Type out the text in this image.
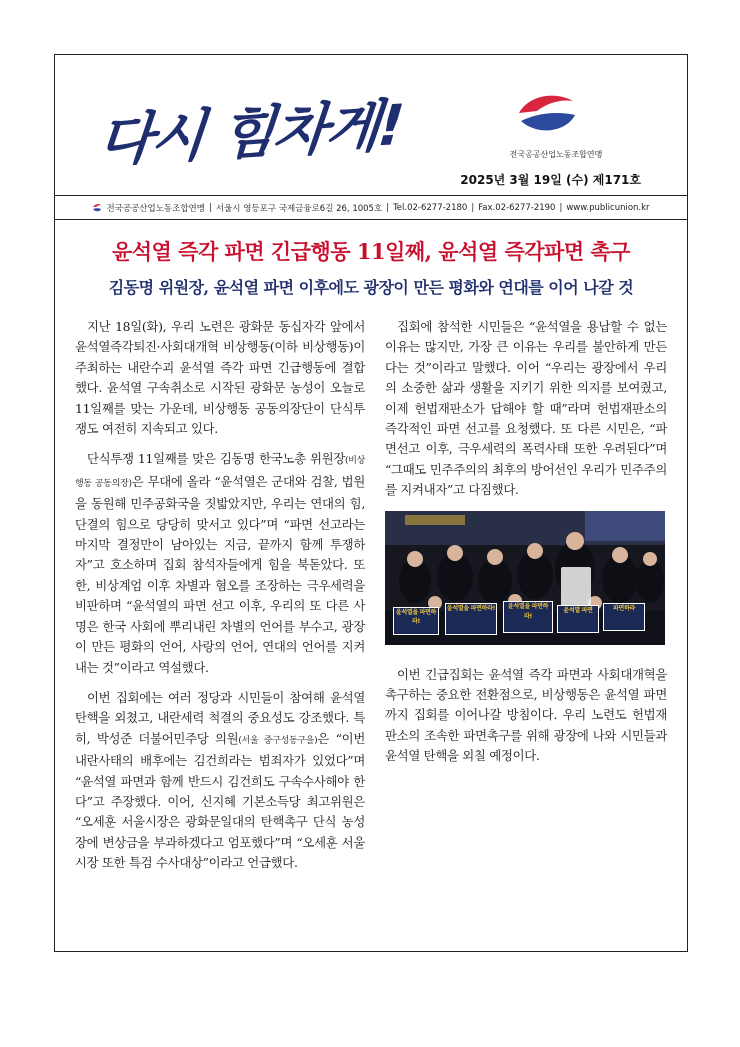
다시 힘차게!	전국공공산업노동조합연맹
2025년 3월 19일 (수) 제171호
전국공공산업노동조합연맹 | 서울시 영등포구 국제금융로6길 26, 1005호 | Tel.02-6277-2180 | Fax.02-6277-2190 | www.publicunion.kr
윤석열 즉각 파면 긴급행동 11일째, 윤석열 즉각파면 촉구
김동명 위원장, 윤석열 파면 이후에도 광장이 만든 평화와 연대를 이어 나갈 것

지난 18일(화), 우리 노련은 광화문 동십자각 앞에서 윤석열즉각퇴진·사회대개혁 비상행동(이하 비상행동)이 주최하는 내란수괴 윤석열 즉각 파면 긴급행동에 결합했다. 윤석열 구속취소로 시작된 광화문 농성이 오늘로 11일째를 맞는 가운데, 비상행동 공동의장단이 단식투쟁도 여전히 지속되고 있다.

단식투쟁 11일째를 맞은 김동명 한국노총 위원장(비상행동 공동의장)은 무대에 올라 “윤석열은 군대와 검찰, 법원을 동원해 민주공화국을 짓밟았지만, 우리는 연대의 힘, 단결의 힘으로 당당히 맞서고 있다”며 “파면 선고라는 마지막 결정만이 남아있는 지금, 끝까지 함께 투쟁하자”고 호소하며 집회 참석자들에게 힘을 북돋았다. 또한, 비상계엄 이후 차별과 혐오를 조장하는 극우세력을 비판하며 “윤석열의 파면 선고 이후, 우리의 또 다른 사명은 한국 사회에 뿌리내린 차별의 언어를 부수고, 광장이 만든 평화의 언어, 사랑의 언어, 연대의 언어를 지켜내는 것”이라고 역설했다.

이번 집회에는 여러 정당과 시민들이 참여해 윤석열 탄핵을 외쳤고, 내란세력 척결의 중요성도 강조했다. 특히, 박성준 더불어민주당 의원(서울 중구성동구을)은 “이번 내란사태의 배후에는 김건희라는 범죄자가 있었다”며 “윤석열 파면과 함께 반드시 김건희도 구속수사해야 한다”고 주장했다. 이어, 신지혜 기본소득당 최고위원은 “오세훈 서울시장은 광화문일대의 탄핵촉구 단식 농성장에 변상금을 부과하겠다고 엄포했다”며 “오세훈 서울시장 또한 특검 수사대상”이라고 언급했다.

집회에 참석한 시민들은 “윤석열을 용납할 수 없는 이유는 많지만, 가장 큰 이유는 우리를 불안하게 만든다는 것”이라고 말했다. 이어 “우리는 광장에서 우리의 소중한 삶과 생활을 지키기 위한 의지를 보여줬고, 이제 헌법재판소가 답해야 할 때”라며 헌법재판소의 즉각적인 파면 선고를 요청했다. 또 다른 시민은, “파면선고 이후, 극우세력의 폭력사태 또한 우려된다”며 “그때도 민주주의의 최후의 방어선인 우리가 민주주의를 지켜내자”고 다짐했다.

윤석열을 파면하라!	윤석열을 파면하라!
윤석열 파면	파면하라
윤석열을 파면하라!

이번 긴급집회는 윤석열 즉각 파면과 사회대개혁을 촉구하는 중요한 전환점으로, 비상행동은 윤석열 파면까지 집회를 이어나갈 방침이다. 우리 노련도 헌법재판소의 조속한 파면촉구를 위해 광장에 나와 시민들과 윤석열 탄핵을 외칠 예정이다.
